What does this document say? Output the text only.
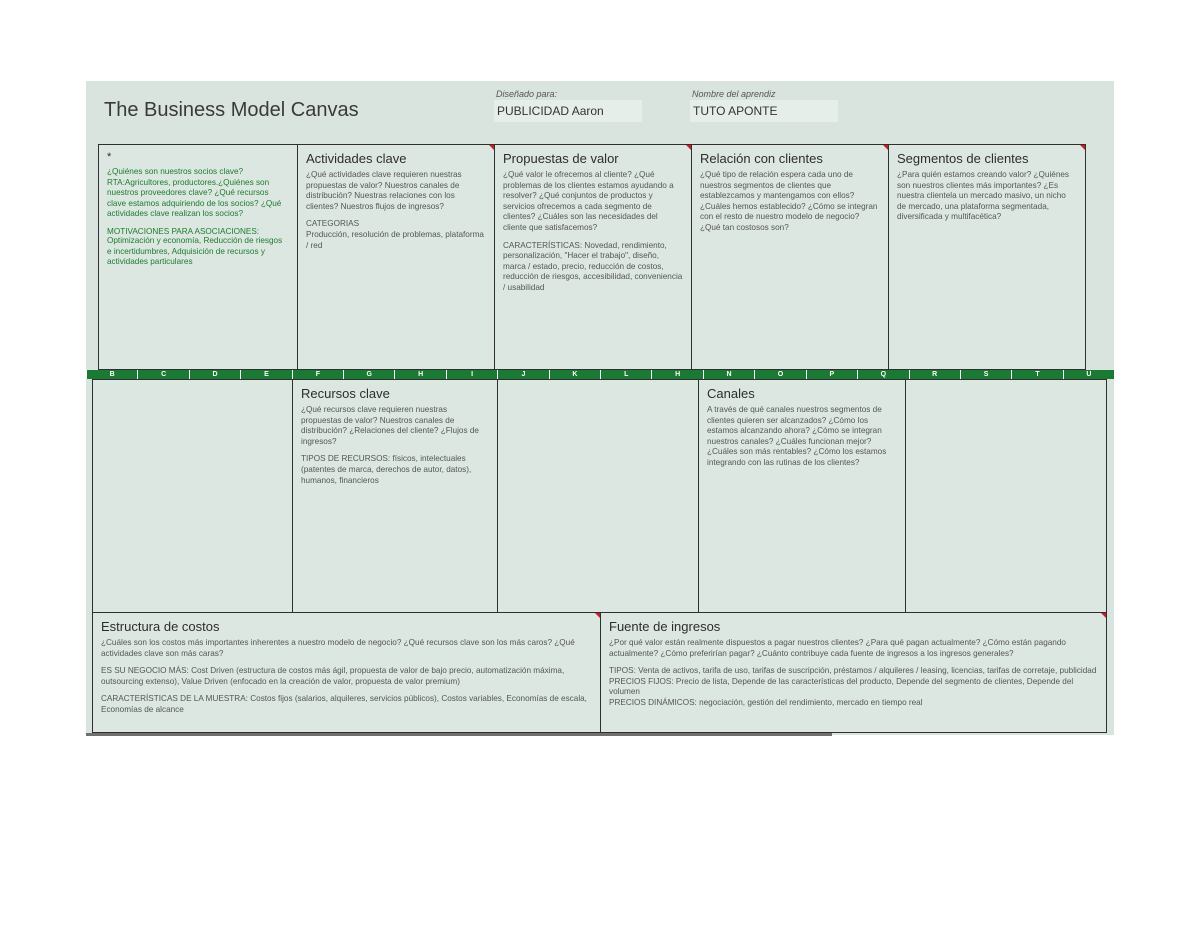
The Business Model Canvas
Diseñado para:
PUBLICIDAD Aaron
Nombre del aprendiz
TUTO APONTE
*
¿Quiénes son nuestros socios clave? RTA:Agricultores, productores.¿Quiénes son nuestros proveedores clave? ¿Qué recursos clave estamos adquiriendo de los socios? ¿Qué actividades clave realizan los socios?
MOTIVACIONES PARA ASOCIACIONES:
Optimización y economía, Reducción de riesgos e incertidumbres, Adquisición de recursos y actividades particulares
Actividades clave
¿Qué actividades clave requieren nuestras propuestas de valor? Nuestros canales de distribución? Nuestras relaciones con los clientes? Nuestros flujos de ingresos?
CATEGORIAS
Producción, resolución de problemas, plataforma / red
Propuestas de valor
¿Qué valor le ofrecemos al cliente? ¿Qué problemas de los clientes estamos ayudando a resolver? ¿Qué conjuntos de productos y servicios ofrecemos a cada segmento de clientes? ¿Cuáles son las necesidades del cliente que satisfacemos?
CARACTERÍSTICAS: Novedad, rendimiento, personalización, "Hacer el trabajo", diseño, marca / estado, precio, reducción de costos, reducción de riesgos, accesibilidad, conveniencia / usabilidad
Relación con clientes
¿Qué tipo de relación espera cada uno de nuestros segmentos de clientes que establezcamos y mantengamos con ellos? ¿Cuáles hemos establecido? ¿Cómo se integran con el resto de nuestro modelo de negocio? ¿Qué tan costosos son?
Segmentos de clientes
¿Para quién estamos creando valor? ¿Quiénes son nuestros clientes más importantes? ¿Es nuestra clientela un mercado masivo, un nicho de mercado, una plataforma segmentada, diversificada y multifacética?
B	C	D	E	F	G	H	I	J	K	L	H	N	O	P	Q	R	S	T	U
Recursos clave
¿Qué recursos clave requieren nuestras propuestas de valor? Nuestros canales de distribución? ¿Relaciones del cliente? ¿Flujos de ingresos?
TIPOS DE RECURSOS: físicos, intelectuales (patentes de marca, derechos de autor, datos), humanos, financieros
Canales
A través de qué canales nuestros segmentos de clientes quieren ser alcanzados? ¿Cómo los estamos alcanzando ahora? ¿Cómo se integran nuestros canales? ¿Cuáles funcionan mejor? ¿Cuáles son más rentables? ¿Cómo los estamos integrando con las rutinas de los clientes?
Estructura de costos
¿Cuáles son los costos más importantes inherentes a nuestro modelo de negocio? ¿Qué recursos clave son los más caros? ¿Qué actividades clave son más caras?
ES SU NEGOCIO MÁS: Cost Driven (estructura de costos más ágil, propuesta de valor de bajo precio, automatización máxima, outsourcing extenso), Value Driven (enfocado en la creación de valor, propuesta de valor premium)
CARACTERÍSTICAS DE LA MUESTRA: Costos fijos (salarios, alquileres, servicios públicos), Costos variables, Economías de escala, Economías de alcance
Fuente de ingresos
¿Por qué valor están realmente dispuestos a pagar nuestros clientes? ¿Para qué pagan actualmente? ¿Cómo están pagando actualmente? ¿Cómo preferirían pagar? ¿Cuánto contribuye cada fuente de ingresos a los ingresos generales?
TIPOS: Venta de activos, tarifa de uso, tarifas de suscripción, préstamos / alquileres / leasing, licencias, tarifas de corretaje, publicidad
PRECIOS FIJOS: Precio de lista, Depende de las características del producto, Depende del segmento de clientes, Depende del volumen
PRECIOS DINÁMICOS: negociación, gestión del rendimiento, mercado en tiempo real
